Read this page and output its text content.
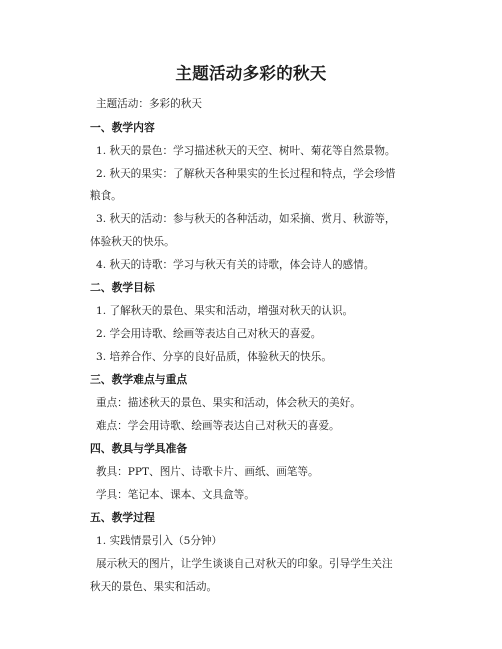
主题活动多彩的秋天
主题活动：多彩的秋天
一、教学内容
1. 秋天的景色：学习描述秋天的天空、树叶、菊花等自然景物。
2. 秋天的果实：了解秋天各种果实的生长过程和特点，学会珍惜
粮食。
3. 秋天的活动：参与秋天的各种活动，如采摘、赏月、秋游等，
体验秋天的快乐。
4. 秋天的诗歌：学习与秋天有关的诗歌，体会诗人的感情。
二、教学目标
1. 了解秋天的景色、果实和活动，增强对秋天的认识。
2. 学会用诗歌、绘画等表达自己对秋天的喜爱。
3. 培养合作、分享的良好品质，体验秋天的快乐。
三、教学难点与重点
重点：描述秋天的景色、果实和活动，体会秋天的美好。
难点：学会用诗歌、绘画等表达自己对秋天的喜爱。
四、教具与学具准备
教具：PPT、图片、诗歌卡片、画纸、画笔等。
学具：笔记本、课本、文具盒等。
五、教学过程
1. 实践情景引入（5分钟）
展示秋天的图片，让学生谈谈自己对秋天的印象。引导学生关注
秋天的景色、果实和活动。
